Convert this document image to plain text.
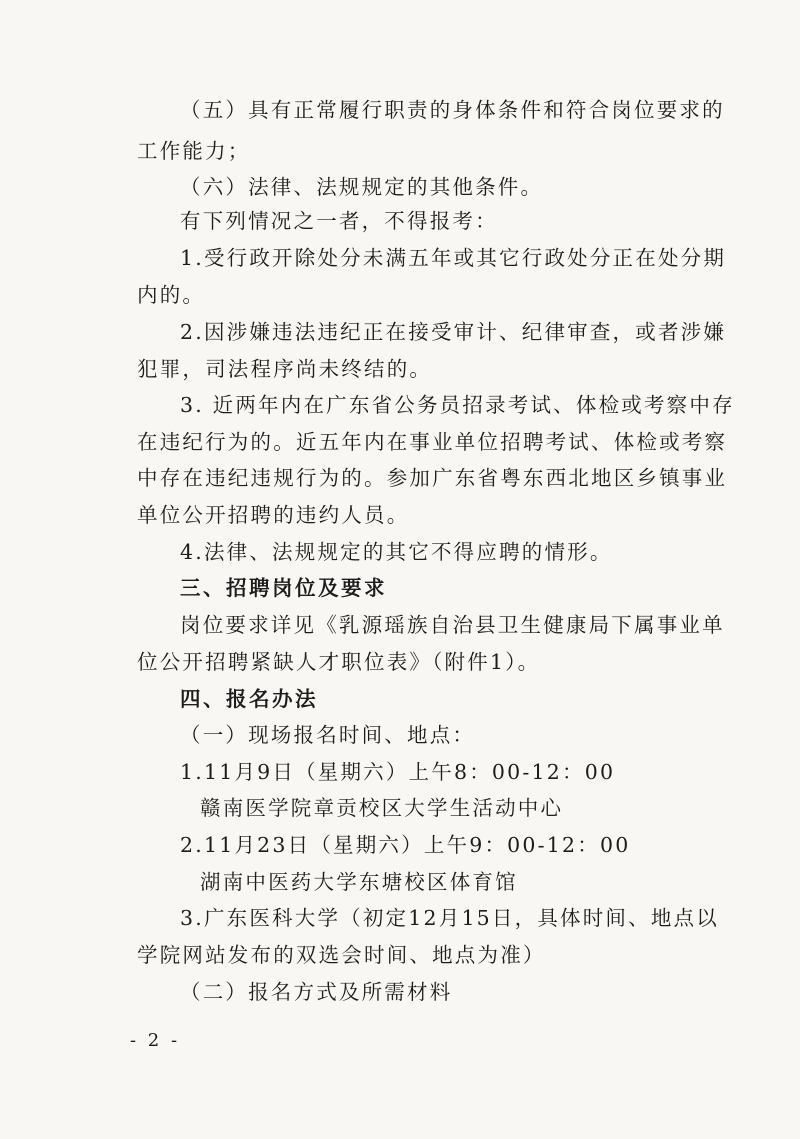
（五）具有正常履行职责的身体条件和符合岗位要求的
工作能力；
（六）法律、法规规定的其他条件。
有下列情况之一者，不得报考：
1.受行政开除处分未满五年或其它行政处分正在处分期
内的。
2.因涉嫌违法违纪正在接受审计、纪律审查，或者涉嫌
犯罪，司法程序尚未终结的。
3. 近两年内在广东省公务员招录考试、体检或考察中存
在违纪行为的。近五年内在事业单位招聘考试、体检或考察
中存在违纪违规行为的。参加广东省粤东西北地区乡镇事业
单位公开招聘的违约人员。
4.法律、法规规定的其它不得应聘的情形。
三、招聘岗位及要求
岗位要求详见《乳源瑶族自治县卫生健康局下属事业单
位公开招聘紧缺人才职位表》（附件1）。
四、报名办法
（一）现场报名时间、地点：
1.11月9日（星期六）上午8：00-12：00
赣南医学院章贡校区大学生活动中心
2.11月23日（星期六）上午9：00-12：00
湖南中医药大学东塘校区体育馆
3.广东医科大学（初定12月15日，具体时间、地点以
学院网站发布的双选会时间、地点为准）
（二）报名方式及所需材料
- 2 -
